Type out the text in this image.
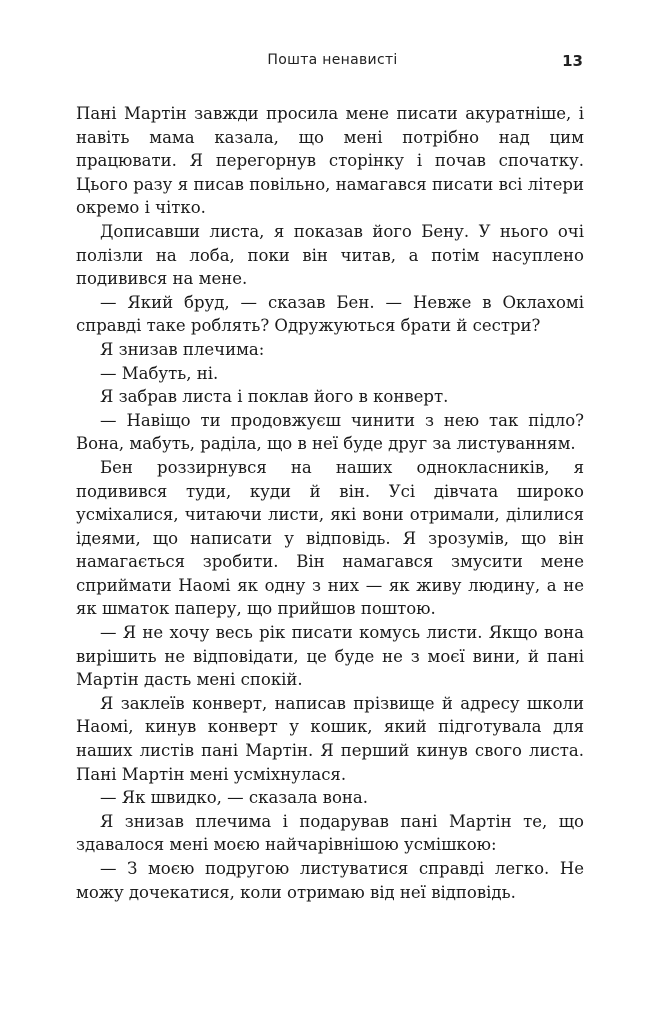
Пошта ненависті	13

Пані Мартін завжди просила мене писати акуратніше, і навіть мама казала, що мені потрібно над цим працювати. Я перегорнув сторінку і почав спочатку. Цього разу я писав повільно, намагався писати всі літери окремо і чітко.

Дописавши листа, я показав його Бену. У нього очі полізли на лоба, поки він читав, а потім насуплено подивився на мене.

— Який бруд, — сказав Бен. — Невже в Оклахомі справді таке роблять? Одружуються брати й сестри?

Я знизав плечима:

— Мабуть, ні.

Я забрав листа і поклав його в конверт.

— Навіщо ти продовжуєш чинити з нею так підло? Вона, мабуть, раділа, що в неї буде друг за листуванням.

Бен роззирнувся на наших однокласників, я подивився туди, куди й він. Усі дівчата широко усміхалися, читаючи листи, які вони отримали, ділилися ідеями, що написати у відповідь. Я зрозумів, що він намагається зробити. Він намагався змусити мене сприймати Наомі як одну з них — як живу людину, а не як шматок паперу, що прийшов поштою.

— Я не хочу весь рік писати комусь листи. Якщо вона вирішить не відповідати, це буде не з моєї вини, й пані Мартін дасть мені спокій.

Я заклеїв конверт, написав прізвище й адресу школи Наомі, кинув конверт у кошик, який підготувала для наших листів пані Мартін. Я перший кинув свого листа. Пані Мартін мені усміхнулася.

— Як швидко, — сказала вона.

Я знизав плечима і подарував пані Мартін те, що здавалося мені моєю найчарівнішою усмішкою:

— З моєю подругою листуватися справді легко. Не можу дочекатися, коли отримаю від неї відповідь.
